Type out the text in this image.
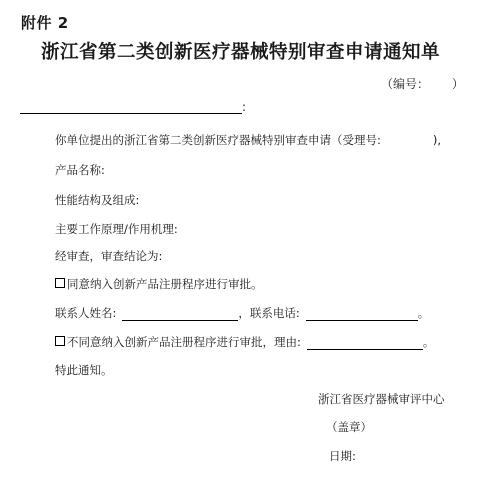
附件 2
浙江省第二类创新医疗器械特别审查申请通知单
（编号：      ）
:
你单位提出的浙江省第二类创新医疗器械特别审查申请（受理号:	),
产品名称:
性能结构及组成:
主要工作原理/作用机理:
经审查，审查结论为:
同意纳入创新产品注册程序进行审批。
联系人姓名:	，联系电话:	。
不同意纳入创新产品注册程序进行审批，理由:	。
特此通知。
浙江省医疗器械审评中心
（盖章）
日期:
